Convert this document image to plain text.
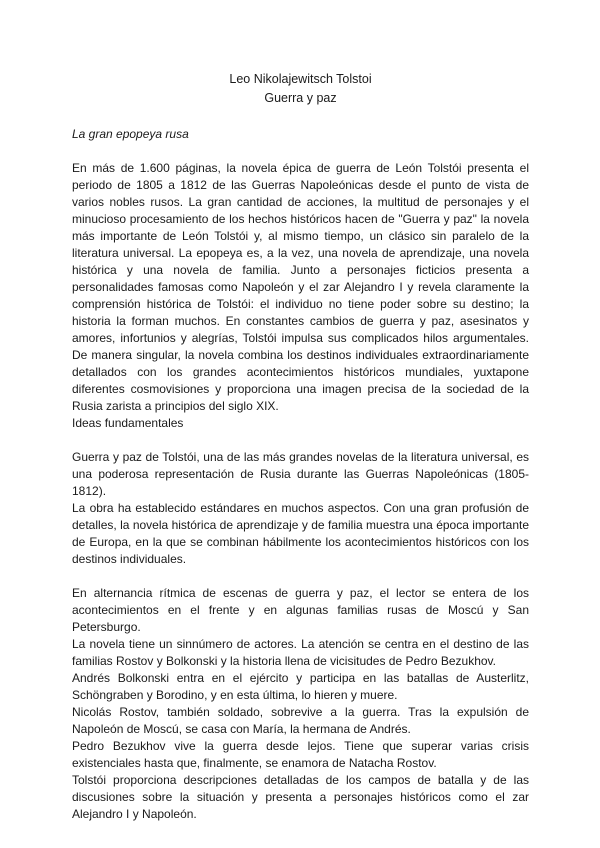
Leo Nikolajewitsch Tolstoi
Guerra y paz
La gran epopeya rusa

En más de 1.600 páginas, la novela épica de guerra de León Tolstói presenta el periodo de 1805 a 1812 de las Guerras Napoleónicas desde el punto de vista de varios nobles rusos. La gran cantidad de acciones, la multitud de personajes y el minucioso procesamiento de los hechos históricos hacen de "Guerra y paz" la novela más importante de León Tolstói y, al mismo tiempo, un clásico sin paralelo de la literatura universal. La epopeya es, a la vez, una novela de aprendizaje, una novela histórica y una novela de familia. Junto a personajes ficticios presenta a personalidades famosas como Napoleón y el zar Alejandro I y revela claramente la comprensión histórica de Tolstói: el individuo no tiene poder sobre su destino; la historia la forman muchos. En constantes cambios de guerra y paz, asesinatos y amores, infortunios y alegrías, Tolstói impulsa sus complicados hilos argumentales. De manera singular, la novela combina los destinos individuales extraordinariamente detallados con los grandes acontecimientos históricos mundiales, yuxtapone diferentes cosmovisiones y proporciona una imagen precisa de la sociedad de la Rusia zarista a principios del siglo XIX.

Ideas fundamentales

Guerra y paz de Tolstói, una de las más grandes novelas de la literatura universal, es una poderosa representación de Rusia durante las Guerras Napoleónicas (1805-1812).

La obra ha establecido estándares en muchos aspectos. Con una gran profusión de detalles, la novela histórica de aprendizaje y de familia muestra una época importante de Europa, en la que se combinan hábilmente los acontecimientos históricos con los destinos individuales.

En alternancia rítmica de escenas de guerra y paz, el lector se entera de los acontecimientos en el frente y en algunas familias rusas de Moscú y San Petersburgo.

La novela tiene un sinnúmero de actores. La atención se centra en el destino de las familias Rostov y Bolkonski y la historia llena de vicisitudes de Pedro Bezukhov.

Andrés Bolkonski entra en el ejército y participa en las batallas de Austerlitz, Schöngraben y Borodino, y en esta última, lo hieren y muere.

Nicolás Rostov, también soldado, sobrevive a la guerra. Tras la expulsión de Napoleón de Moscú, se casa con María, la hermana de Andrés.

Pedro Bezukhov vive la guerra desde lejos. Tiene que superar varias crisis existenciales hasta que, finalmente, se enamora de Natacha Rostov.

Tolstói proporciona descripciones detalladas de los campos de batalla y de las discusiones sobre la situación y presenta a personajes históricos como el zar Alejandro I y Napoleón.
